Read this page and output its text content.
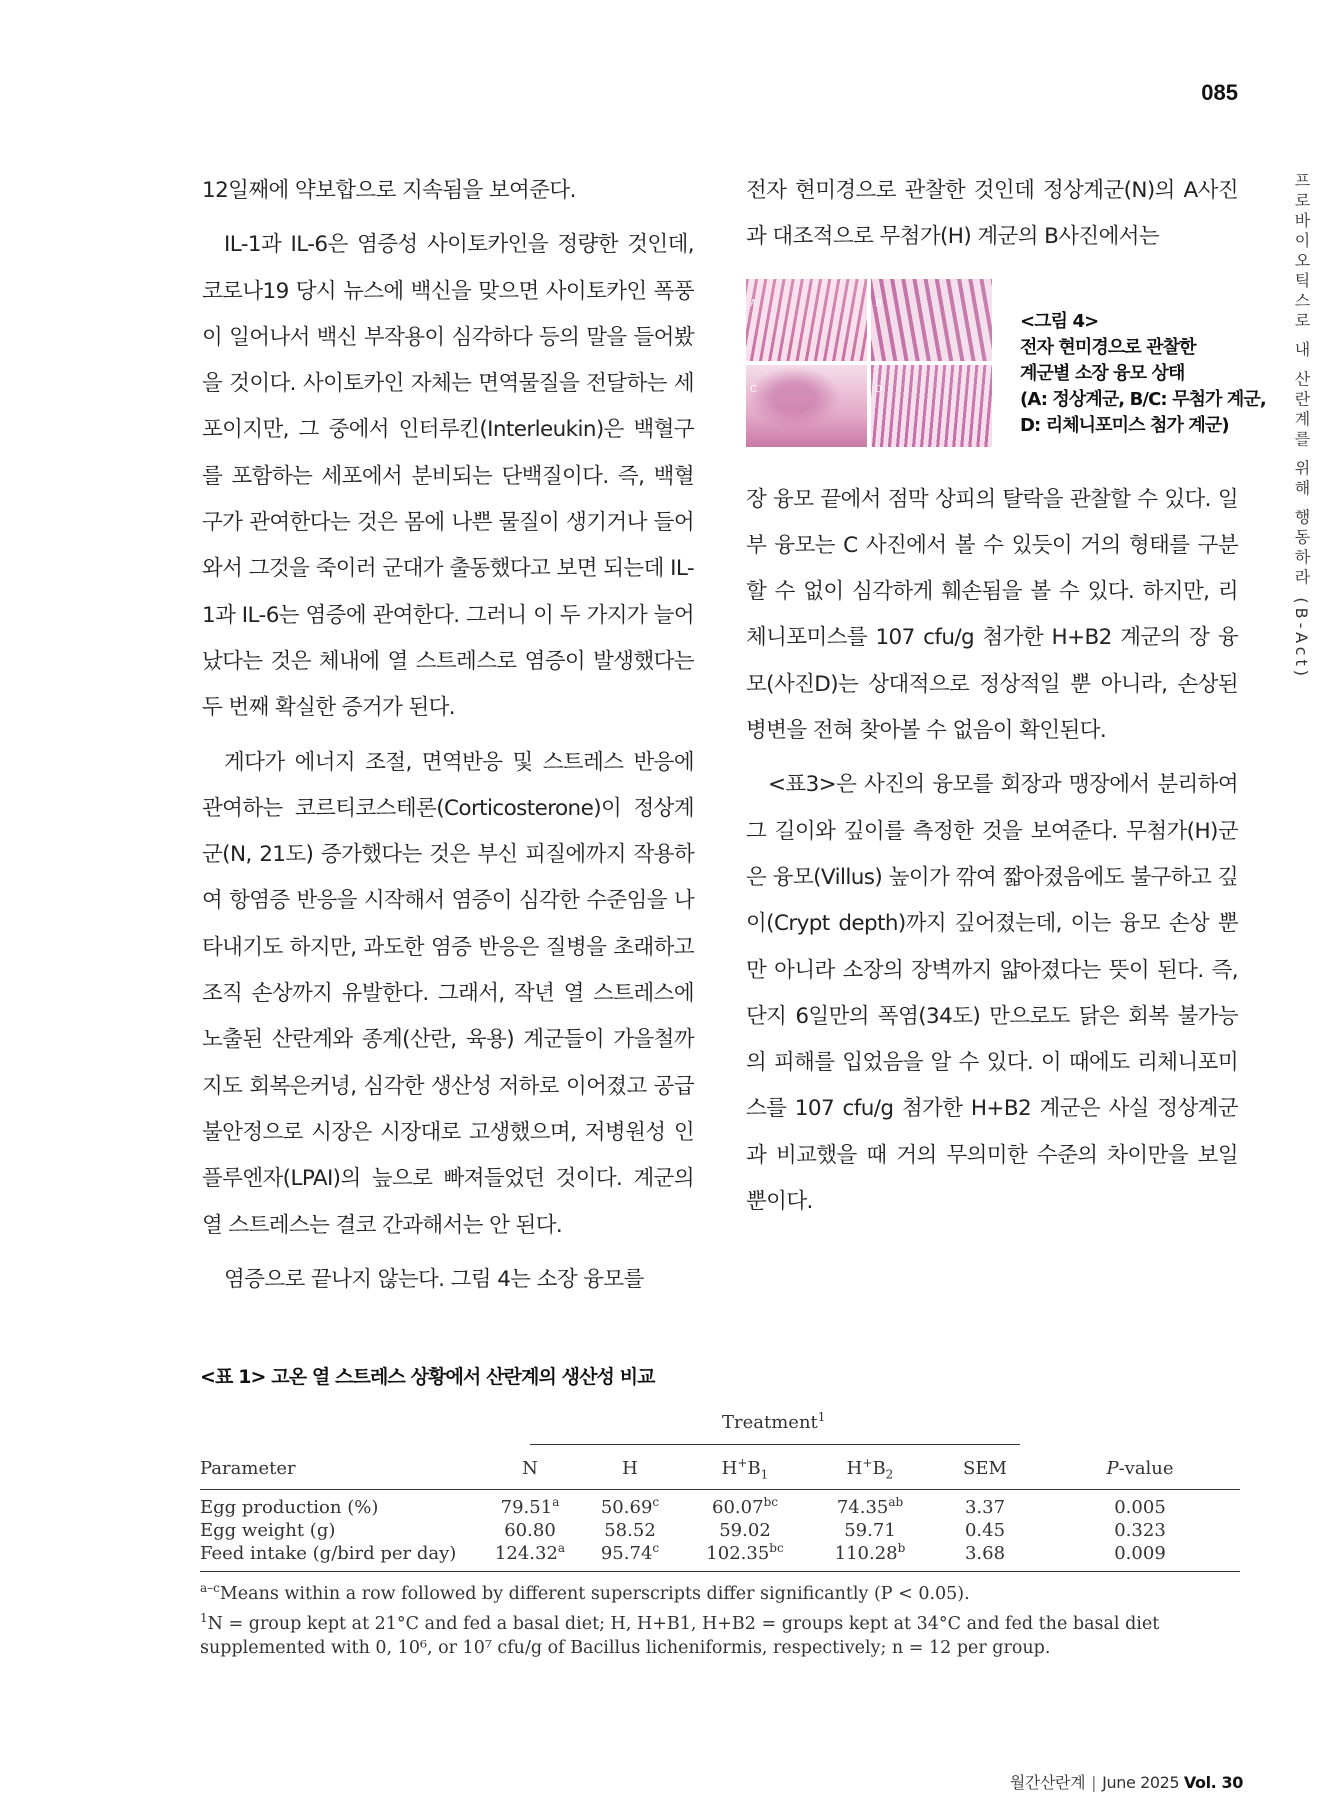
085
프로바이오틱스로 내 산란계를 위해 행동하라 (B-Act)

12일째에 약보합으로 지속됨을 보여준다.

IL-1과 IL-6은 염증성 사이토카인을 정량한 것인데, 코로나19 당시 뉴스에 백신을 맞으면 사이토카인 폭풍이 일어나서 백신 부작용이 심각하다 등의 말을 들어봤을 것이다. 사이토카인 자체는 면역물질을 전달하는 세포이지만, 그 중에서 인터루킨(Interleukin)은 백혈구를 포함하는 세포에서 분비되는 단백질이다. 즉, 백혈구가 관여한다는 것은 몸에 나쁜 물질이 생기거나 들어와서 그것을 죽이러 군대가 출동했다고 보면 되는데 IL-1과 IL-6는 염증에 관여한다. 그러니 이 두 가지가 늘어났다는 것은 체내에 열 스트레스로 염증이 발생했다는 두 번째 확실한 증거가 된다.

게다가 에너지 조절, 면역반응 및 스트레스 반응에 관여하는 코르티코스테론(Corticosterone)이 정상계군(N, 21도) 증가했다는 것은 부신 피질에까지 작용하여 항염증 반응을 시작해서 염증이 심각한 수준임을 나타내기도 하지만, 과도한 염증 반응은 질병을 초래하고 조직 손상까지 유발한다. 그래서, 작년 열 스트레스에 노출된 산란계와 종계(산란, 육용) 계군들이 가을철까지도 회복은커녕, 심각한 생산성 저하로 이어졌고 공급 불안정으로 시장은 시장대로 고생했으며, 저병원성 인플루엔자(LPAI)의 늪으로 빠져들었던 것이다. 계군의 열 스트레스는 결코 간과해서는 안 된다.

염증으로 끝나지 않는다. 그림 4는 소장 융모를

전자 현미경으로 관찰한 것인데 정상계군(N)의 A사진과 대조적으로 무첨가(H) 계군의 B사진에서는

A	B
C	D
<그림 4>
전자 현미경으로 관찰한
계군별 소장 융모 상태
(A: 정상계군, B/C: 무첨가 계군,
D: 리체니포미스 첨가 계군)

장 융모 끝에서 점막 상피의 탈락을 관찰할 수 있다. 일부 융모는 C 사진에서 볼 수 있듯이 거의 형태를 구분할 수 없이 심각하게 훼손됨을 볼 수 있다. 하지만, 리체니포미스를 107 cfu/g 첨가한 H+B2 계군의 장 융모(사진D)는 상대적으로 정상적일 뿐 아니라, 손상된 병변을 전혀 찾아볼 수 없음이 확인된다.

<표3>은 사진의 융모를 회장과 맹장에서 분리하여 그 길이와 깊이를 측정한 것을 보여준다. 무첨가(H)군은 융모(Villus) 높이가 깎여 짧아졌음에도 불구하고 깊이(Crypt depth)까지 깊어졌는데, 이는 융모 손상 뿐만 아니라 소장의 장벽까지 얇아졌다는 뜻이 된다. 즉, 단지 6일만의 폭염(34도) 만으로도 닭은 회복 불가능의 피해를 입었음을 알 수 있다. 이 때에도 리체니포미스를 107 cfu/g 첨가한 H+B2 계군은 사실 정상계군과 비교했을 때 거의 무의미한 수준의 차이만을 보일 뿐이다.

<표 1> 고온 열 스트레스 상황에서 산란계의 생산성 비교
Treatment$^1$
Parameter	N	H	$H^+B_1$	$H^+B_2$	SEM	P-value
Egg production (%)	79.51$^a$	50.69$^c$	60.07$^{bc}$	74.35$^{ab}$	3.37	0.005
Egg weight (g)	60.80	58.52	59.02	59.71	0.45	0.323
Feed intake (g/bird per day)	124.32$^a$	95.74$^c$	102.35$^{bc}$	110.28$^b$	3.68	0.009

$^{a-c}$Means within a row followed by different superscripts differ significantly (P < 0.05).

$^1$N = group kept at 21°C and fed a basal diet; H, H+B1, H+B2 = groups kept at 34°C and fed the basal diet supplemented with 0, 10⁶, or 10⁷ cfu/g of Bacillus licheniformis, respectively; n = 12 per group.

월간산란계 | June 2025 Vol. 30
